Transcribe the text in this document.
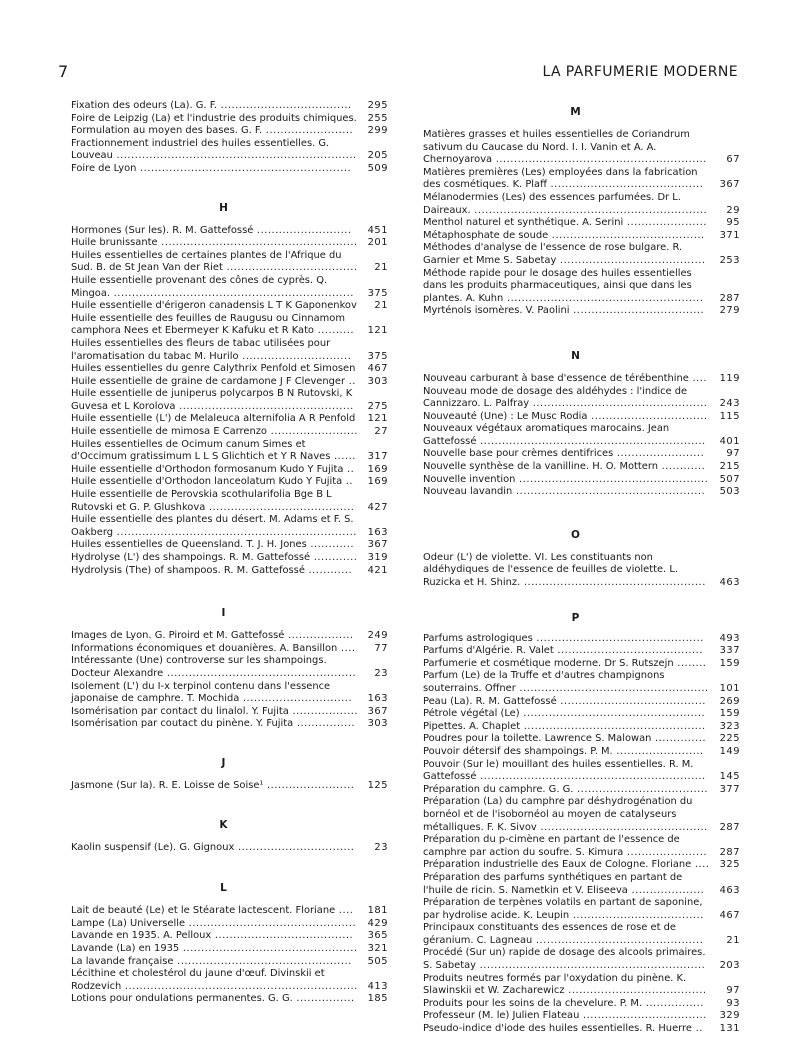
7	LA PARFUMERIE MODERNE
Fixation des odeurs (La). G. F. ....................................	295
Foire de Leipzig (La) et l'industrie des produits chimiques.	255
Formulation au moyen des bases. G. F. ........................	299
Fractionnement industriel des huiles essentielles. G. Louveau ..................................................................	205
Foire de Lyon ..........................................................	509
H
Hormones (Sur les). R. M. Gattefossé ..........................	451
Huile brunissante ......................................................	201
Huiles essentielles de certaines plantes de l'Afrique du Sud. B. de St Jean Van der Riet ....................................	21
Huile essentielle provenant des cônes de cyprès. Q. Mingoa. ..................................................................	375
Huile essentielle d'érigeron canadensis L T K Gaponenkov	21
Huile essentielle des feuilles de Raugusu ou Cinnamom camphora Nees et Ebermeyer K Kafuku et R Kato ..........	121
Huiles essentielles des fleurs de tabac utilisées pour l'aromatisation du tabac M. Hurilo ..............................	375
Huiles essentielles du genre Calythrix Penfold et Simosen	467
Huile essentielle de graine de cardamone J F Clevenger ..	303
Huile essentielle de juniperus polycarpos B N Rutovski, K Guvesa et L Korolova ................................................	275
Huile essentielle (L') de Melaleuca alternifolia A R Penfold	121
Huile essentielle de mimosa E Carrenzo ........................	27
Huiles essentielles de Ocimum canum Simes et d'Occimum gratissimum L L S Glichtich et Y R Naves ......	317
Huile essentielle d'Orthodon formosanum Kudo Y Fujita ..	169
Huile essentielle d'Orthodon lanceolatum Kudo Y Fujita ..	169
Huile essentielle de Perovskia scothularifolia Bge B L Rutovski et G. P. Glushkova ........................................	427
Huile essentielle des plantes du désert. M. Adams et F. S. Oakberg ..................................................................	163
Huiles essentielles de Queensland. T. J. H. Jones ............	367
Hydrolyse (L') des shampoings. R. M. Gattefossé ............	319
Hydrolysis (The) of shampoos. R. M. Gattefossé ............	421
I
Images de Lyon. G. Piroird et M. Gattefossé ..................	249
Informations économiques et douanières. A. Bansillon ....	77
Intéressante (Une) controverse sur les shampoings. Docteur Alexandre ....................................................	23
Isolement (L') du I-x terpinol contenu dans l'essence japonaise de camphre. T. Mochida ..............................	163
Isomérisation par contact du linalol. Y. Fujita .................. 367
Isomérisation par coutact du pinène. Y. Fujita ................	303
J
Jasmone (Sur la). R. E. Loisse de Soise¹ ........................	125
K
Kaolin suspensif (Le). G. Gignoux ................................	23
L
Lait de beauté (Le) et le Stéarate lactescent. Floriane ....	181
Lampe (La) Universelle ..............................................	429
Lavande en 1935. A. Pelloux ......................................	365
Lavande (La) en 1935 ................................................	321
La lavande française ................................................	505
Lécithine et cholestérol du jaune d'œuf. Divinskii et Rodzevich ................................................................ 413
Lotions pour ondulations permanentes. G. G. ................	185
M
Matières grasses et huiles essentielles de Coriandrum sativum du Caucase du Nord. I. I. Vanin et A. A. Chernoyarova ..........................................................	67
Matières premières (Les) employées dans la fabrication des cosmétiques. K. Plaff ..........................................	367
Mélanodermies (Les) des essences parfumées. Dr L. Daireaux. ................................................................	29
Menthol naturel et synthétique. A. Serini ......................	95
Métaphosphate de soude ..........................................	371
Méthodes d'analyse de l'essence de rose bulgare. R. Garnier et Mme S. Sabetay ........................................	253
Méthode rapide pour le dosage des huiles essentielles dans les produits pharmaceutiques, ainsi que dans les plantes. A. Kuhn ......................................................	287
Myrténols isomères. V. Paolini ....................................	279
N
Nouveau carburant à base d'essence de térébenthine ....	119
Nouveau mode de dosage des aldéhydes : l'indice de Cannizzaro. L. Palfray ................................................	243
Nouveauté (Une) : Le Musc Rodia ................................	115
Nouveaux végétaux aromatiques marocains. Jean Gattefossé ..............................................................	401
Nouvelle base pour crèmes dentifrices ........................	97
Nouvelle synthèse de la vanilline. H. O. Mottern ............	215
Nouvelle invention ....................................................	507
Nouveau lavandin ....................................................	503
O
Odeur (L') de violette. VI. Les constituants non aldéhydiques de l'essence de feuilles de violette. L. Ruzicka et H. Shinz. ..................................................	463
P
Parfums astrologiques ..............................................	493
Parfums d'Algérie. R. Valet ........................................	337
Parfumerie et cosmétique moderne. Dr S. Rutszejn ........	159
Parfum (Le) de la Truffe et d'autres champignons souterrains. Offner ....................................................	101
Peau (La). R. M. Gattefossé ........................................	269
Pétrole végétal (Le) ..................................................	159
Pipettes. A. Chaplet ..................................................	323
Poudres pour la toilette. Lawrence S. Malowan ..............	225
Pouvoir détersif des shampoings. P. M. ........................	149
Pouvoir (Sur le) mouillant des huiles essentielles. R. M. Gattefossé ..............................................................	145
Préparation du camphre. G. G. ....................................	377
Préparation (La) du camphre par déshydrogénation du bornéol et de l'isobornéol au moyen de catalyseurs métalliques. F. K. Sivov ..............................................	287
Préparation du p-cimène en partant de l'essence de camphre par action du soufre. S. Kimura ......................	287
Préparation industrielle des Eaux de Cologne. Floriane ....	325
Préparation des parfums synthétiques en partant de l'huile de ricin. S. Nametkin et V. Eliseeva ....................	463
Préparation de terpènes volatils en partant de saponine, par hydrolise acide. K. Leupin ....................................	467
Principaux constituants des essences de rose et de géranium. C. Lagneau ..............................................	21
Procédé (Sur un) rapide de dosage des alcools primaires. S. Sabetay ..............................................................	203
Produits neutres formés par l'oxydation du pinène. K. Slawinskii et W. Zacharewicz ......................................	97
Produits pour les soins de la chevelure. P. M. ................	93
Professeur (M. le) Julien Flateau ..................................	329
Pseudo-indice d'iode des huiles essentielles. R. Huerre ..	131
